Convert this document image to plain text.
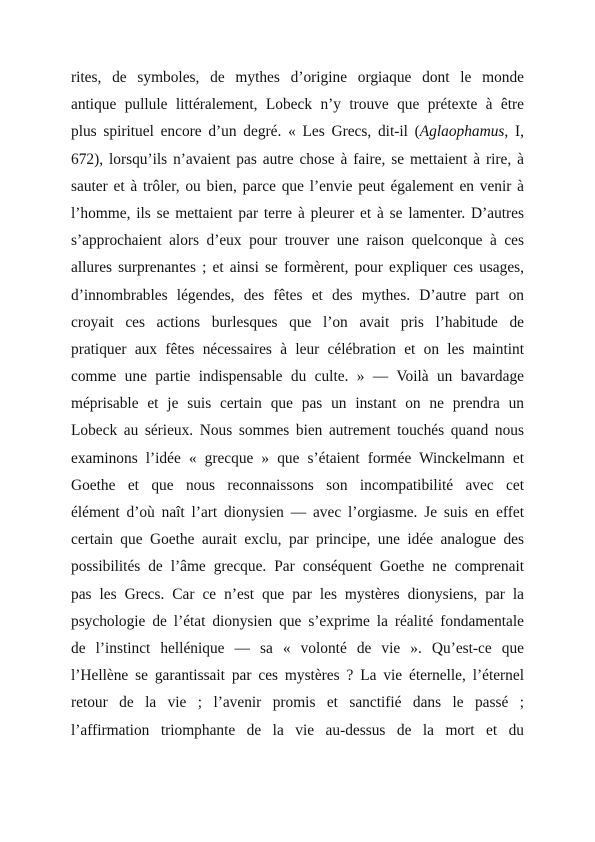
rites, de symboles, de mythes d’origine orgiaque dont le monde
antique pullule littéralement, Lobeck n’y trouve que prétexte à être
plus spirituel encore d’un degré. « Les Grecs, dit-il (Aglaophamus, I,
672), lorsqu’ils n’avaient pas autre chose à faire, se mettaient à rire, à
sauter et à trôler, ou bien, parce que l’envie peut également en venir à
l’homme, ils se mettaient par terre à pleurer et à se lamenter. D’autres
s’approchaient alors d’eux pour trouver une raison quelconque à ces
allures surprenantes ; et ainsi se formèrent, pour expliquer ces usages,
d’innombrables légendes, des fêtes et des mythes. D’autre part on
croyait ces actions burlesques que l’on avait pris l’habitude de
pratiquer aux fêtes nécessaires à leur célébration et on les maintint
comme une partie indispensable du culte. » — Voilà un bavardage
méprisable et je suis certain que pas un instant on ne prendra un
Lobeck au sérieux. Nous sommes bien autrement touchés quand nous
examinons l’idée « grecque » que s’étaient formée Winckelmann et
Goethe et que nous reconnaissons son incompatibilité avec cet
élément d’où naît l’art dionysien — avec l’orgiasme. Je suis en effet
certain que Goethe aurait exclu, par principe, une idée analogue des
possibilités de l’âme grecque. Par conséquent Goethe ne comprenait
pas les Grecs. Car ce n’est que par les mystères dionysiens, par la
psychologie de l’état dionysien que s’exprime la réalité fondamentale
de l’instinct hellénique — sa « volonté de vie ». Qu’est-ce que
l’Hellène se garantissait par ces mystères ? La vie éternelle, l’éternel
retour de la vie ; l’avenir promis et sanctifié dans le passé ;
l’affirmation triomphante de la vie au-dessus de la mort et du
